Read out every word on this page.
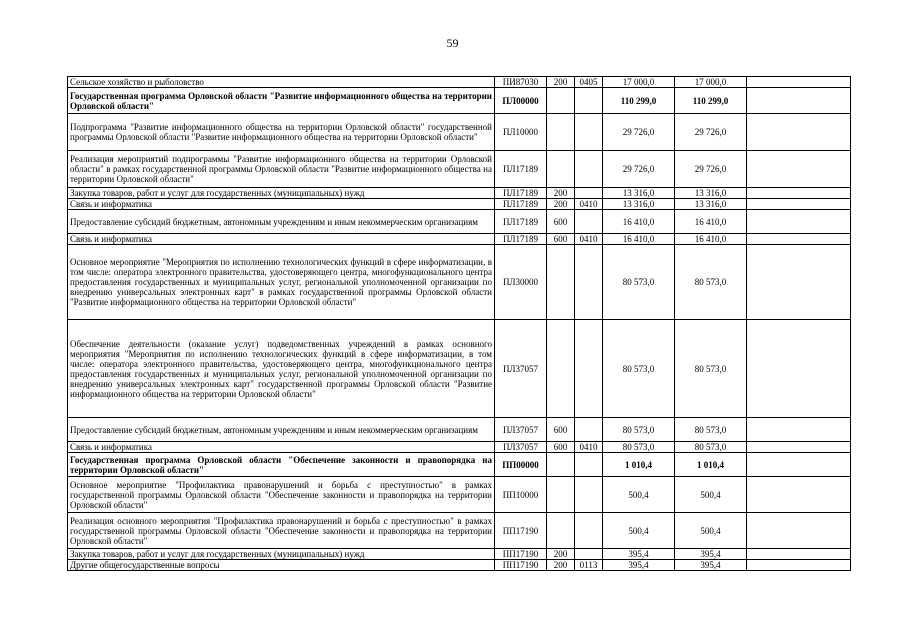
59
Сельское хозяйство и рыболовство	ПИ87030	200	0405	17 000,0	17 000,0	
Государственная программа Орловской области "Развитие информационного общества на территории Орловской области"	ПЛ00000			110 299,0	110 299,0	
Подпрограмма "Развитие информационного общества на территории Орловской области" государственной программы Орловской области "Развитие информационного общества на территории Орловской области"	ПЛ10000			29 726,0	29 726,0	
Реализация мероприятий подпрограммы "Развитие информационного общества на территории Орловской области" в рамках государственной программы Орловской области "Развитие информационного общества на территории Орловской области"	ПЛ17189			29 726,0	29 726,0	
Закупка товаров, работ и услуг для государственных (муниципальных) нужд	ПЛ17189	200		13 316,0	13 316,0	
Связь и информатика	ПЛ17189	200	0410	13 316,0	13 316,0	
Предоставление субсидий бюджетным, автономным учреждениям и иным некоммерческим организациям	ПЛ17189	600		16 410,0	16 410,0	
Связь и информатика	ПЛ17189	600	0410	16 410,0	16 410,0	
Основное мероприятие "Мероприятия по исполнению технологических функций в сфере информатизации, в том числе: оператора электронного правительства, удостоверяющего центра, многофункционального центра предоставления государственных и муниципальных услуг, региональной уполномоченной организации по внедрению универсальных электронных карт" в рамках государственной программы Орловской области "Развитие информационного общества на территории Орловской области"	ПЛ30000			80 573,0	80 573,0	
Обеспечение деятельности (оказание услуг) подведомственных учреждений в рамках основного мероприятия "Мероприятия по исполнению технологических функций в сфере информатизации, в том числе: оператора электронного правительства, удостоверяющего центра, многофункционального центра предоставления государственных и муниципальных услуг, региональной уполномоченной организации по внедрению универсальных электронных карт" государственной программы Орловской области "Развитие информационного общества на территории Орловской области"	ПЛ37057			80 573,0	80 573,0	
Предоставление субсидий бюджетным, автономным учреждениям и иным некоммерческим организациям	ПЛ37057	600		80 573,0	80 573,0	
Связь и информатика	ПЛ37057	600	0410	80 573,0	80 573,0	
Государственная программа Орловской области "Обеспечение законности и правопорядка на территории Орловской области"	ПП00000			1 010,4	1 010,4	
Основное мероприятие "Профилактика правонарушений и борьба с преступностью" в рамках государственной программы Орловской области "Обеспечение законности и правопорядка на территории Орловской области"	ПП10000			500,4	500,4	
Реализация основного мероприятия "Профилактика правонарушений и борьба с преступностью" в рамках государственной программы Орловской области "Обеспечение законности и правопорядка на территории Орловской области"	ПП17190			500,4	500,4	
Закупка товаров, работ и услуг для государственных (муниципальных) нужд	ПП17190	200		395,4	395,4	
Другие общегосударственные вопросы	ПП17190	200	0113	395,4	395,4	
